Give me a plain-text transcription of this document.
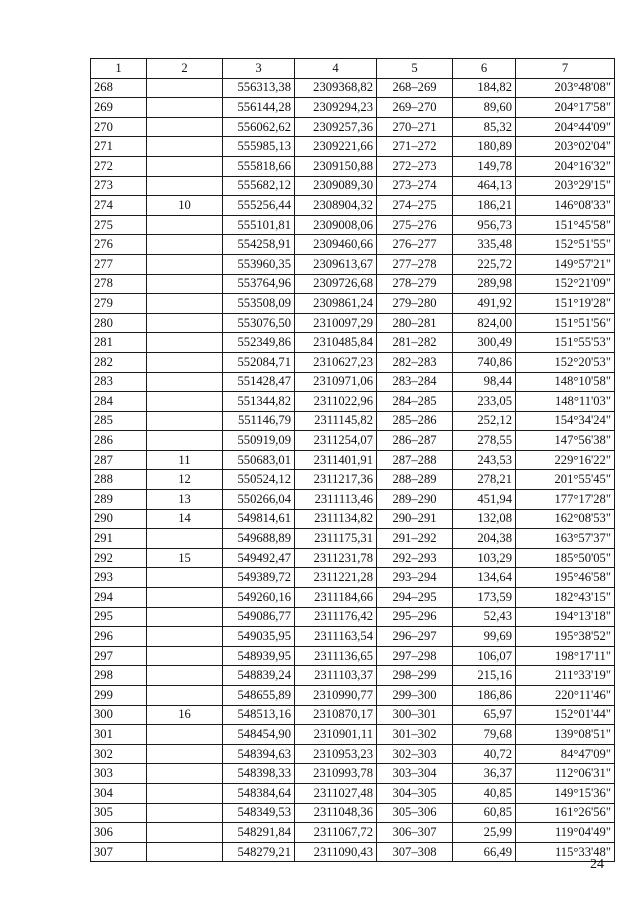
1	2	3	4	5	6	7
268		556313,38	2309368,82	268–269	184,82	203°48'08"
269		556144,28	2309294,23	269–270	89,60	204°17'58"
270		556062,62	2309257,36	270–271	85,32	204°44'09"
271		555985,13	2309221,66	271–272	180,89	203°02'04"
272		555818,66	2309150,88	272–273	149,78	204°16'32"
273		555682,12	2309089,30	273–274	464,13	203°29'15"
274	10	555256,44	2308904,32	274–275	186,21	146°08'33"
275		555101,81	2309008,06	275–276	956,73	151°45'58"
276		554258,91	2309460,66	276–277	335,48	152°51'55"
277		553960,35	2309613,67	277–278	225,72	149°57'21"
278		553764,96	2309726,68	278–279	289,98	152°21'09"
279		553508,09	2309861,24	279–280	491,92	151°19'28"
280		553076,50	2310097,29	280–281	824,00	151°51'56"
281		552349,86	2310485,84	281–282	300,49	151°55'53"
282		552084,71	2310627,23	282–283	740,86	152°20'53"
283		551428,47	2310971,06	283–284	98,44	148°10'58"
284		551344,82	2311022,96	284–285	233,05	148°11'03"
285		551146,79	2311145,82	285–286	252,12	154°34'24"
286		550919,09	2311254,07	286–287	278,55	147°56'38"
287	11	550683,01	2311401,91	287–288	243,53	229°16'22"
288	12	550524,12	2311217,36	288–289	278,21	201°55'45"
289	13	550266,04	2311113,46	289–290	451,94	177°17'28"
290	14	549814,61	2311134,82	290–291	132,08	162°08'53"
291		549688,89	2311175,31	291–292	204,38	163°57'37"
292	15	549492,47	2311231,78	292–293	103,29	185°50'05"
293		549389,72	2311221,28	293–294	134,64	195°46'58"
294		549260,16	2311184,66	294–295	173,59	182°43'15"
295		549086,77	2311176,42	295–296	52,43	194°13'18"
296		549035,95	2311163,54	296–297	99,69	195°38'52"
297		548939,95	2311136,65	297–298	106,07	198°17'11"
298		548839,24	2311103,37	298–299	215,16	211°33'19"
299		548655,89	2310990,77	299–300	186,86	220°11'46"
300	16	548513,16	2310870,17	300–301	65,97	152°01'44"
301		548454,90	2310901,11	301–302	79,68	139°08'51"
302		548394,63	2310953,23	302–303	40,72	84°47'09"
303		548398,33	2310993,78	303–304	36,37	112°06'31"
304		548384,64	2311027,48	304–305	40,85	149°15'36"
305		548349,53	2311048,36	305–306	60,85	161°26'56"
306		548291,84	2311067,72	306–307	25,99	119°04'49"
307		548279,21	2311090,43	307–308	66,49	115°33'48"
24
